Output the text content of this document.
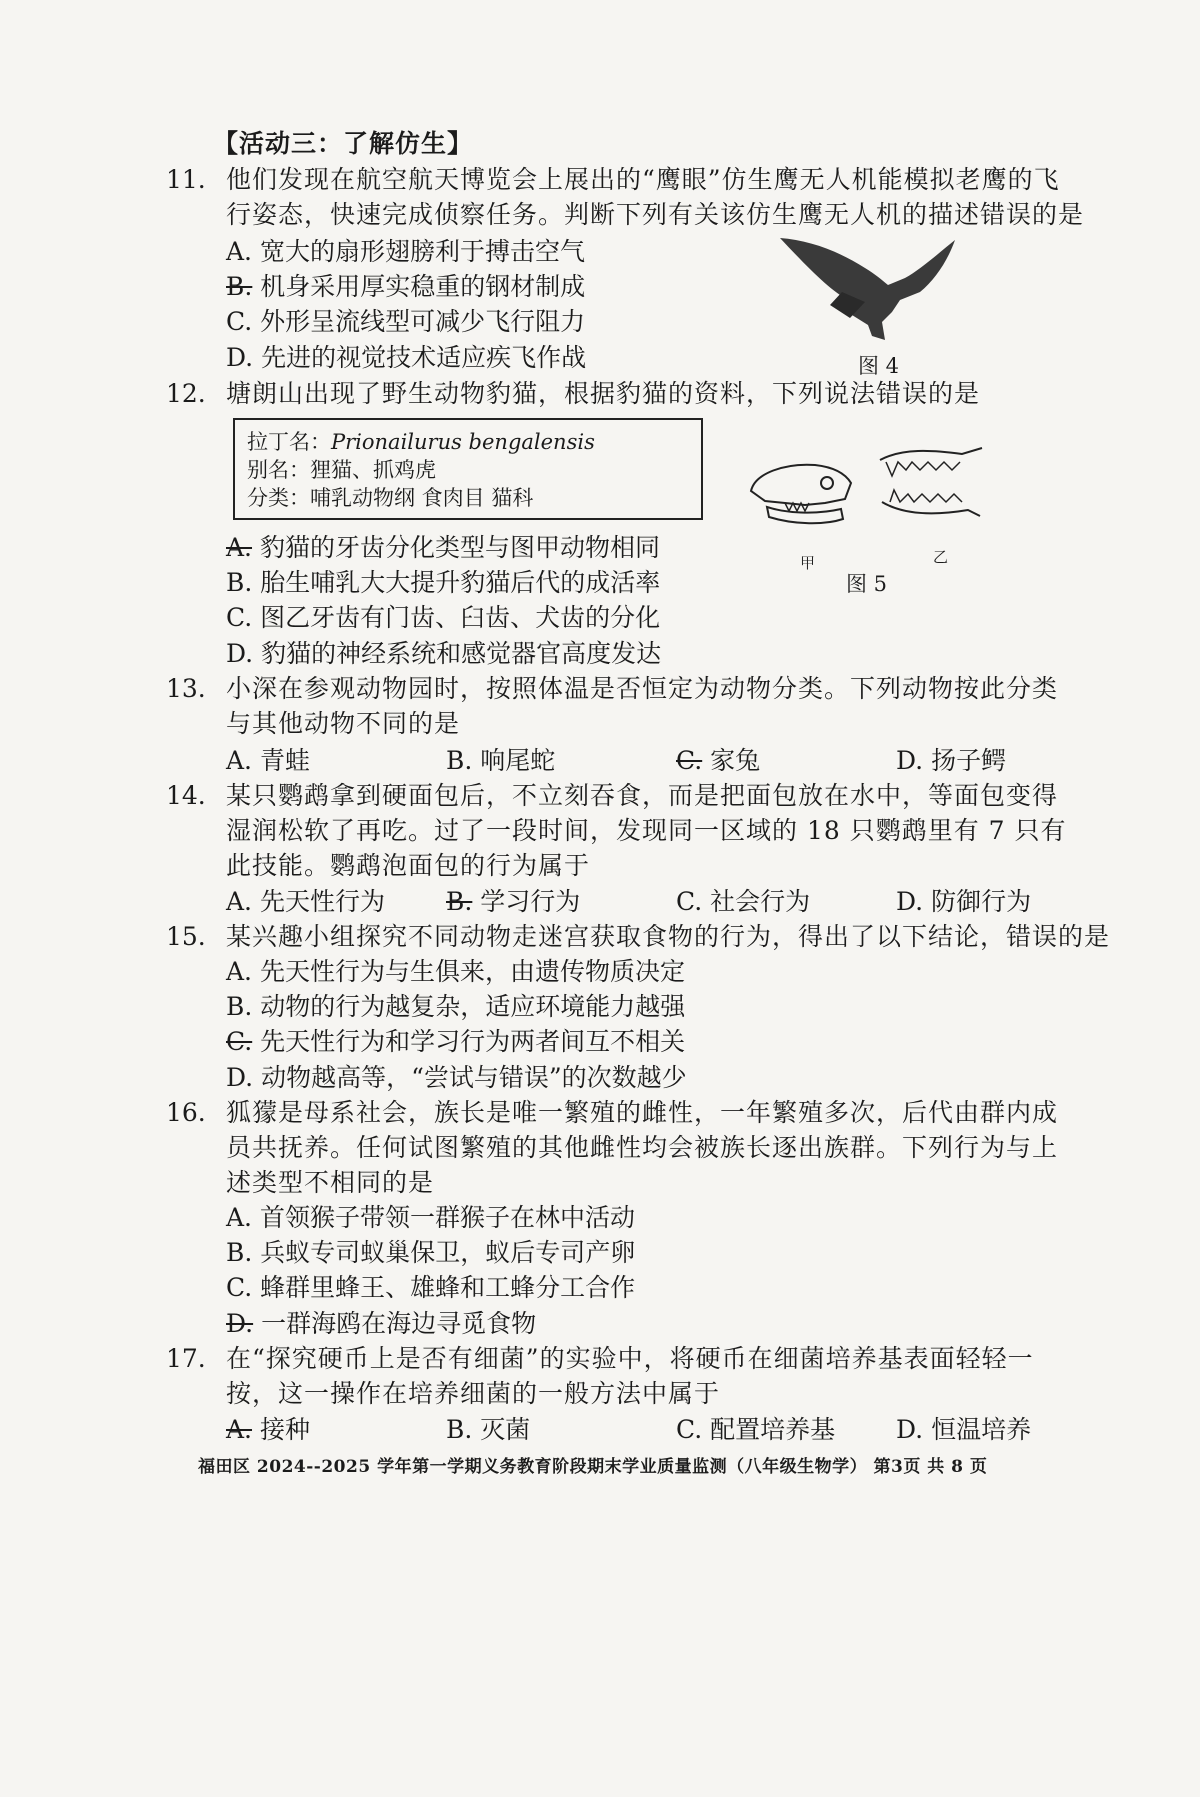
【活动三：了解仿生】
11. 他们发现在航空航天博览会上展出的“鹰眼”仿生鹰无人机能模拟老鹰的飞
行姿态，快速完成侦察任务。判断下列有关该仿生鹰无人机的描述错误的是
A. 宽大的扇形翅膀利于搏击空气
B. 机身采用厚实稳重的钢材制成
C. 外形呈流线型可减少飞行阻力
D. 先进的视觉技术适应疾飞作战	图 4
12. 塘朗山出现了野生动物豹猫，根据豹猫的资料，下列说法错误的是
拉丁名：Prionailurus bengalensis
别名：狸猫、抓鸡虎
分类：哺乳动物纲 食肉目 猫科
甲	乙
图 5
A. 豹猫的牙齿分化类型与图甲动物相同
B. 胎生哺乳大大提升豹猫后代的成活率
C. 图乙牙齿有门齿、臼齿、犬齿的分化
D. 豹猫的神经系统和感觉器官高度发达
13. 小深在参观动物园时，按照体温是否恒定为动物分类。下列动物按此分类
与其他动物不同的是
A. 青蛙	B. 响尾蛇	C. 家兔	D. 扬子鳄
14. 某只鹦鹉拿到硬面包后，不立刻吞食，而是把面包放在水中，等面包变得
湿润松软了再吃。过了一段时间，发现同一区域的 18 只鹦鹉里有 7 只有
此技能。鹦鹉泡面包的行为属于
A. 先天性行为 B. 学习行为	C. 社会行为	D. 防御行为
15. 某兴趣小组探究不同动物走迷宫获取食物的行为，得出了以下结论，错误的是
A. 先天性行为与生俱来，由遗传物质决定
B. 动物的行为越复杂，适应环境能力越强
C. 先天性行为和学习行为两者间互不相关
D. 动物越高等，“尝试与错误”的次数越少
16. 狐獴是母系社会，族长是唯一繁殖的雌性，一年繁殖多次，后代由群内成
员共抚养。任何试图繁殖的其他雌性均会被族长逐出族群。下列行为与上
述类型不相同的是
A. 首领猴子带领一群猴子在林中活动
B. 兵蚁专司蚁巢保卫，蚁后专司产卵
C. 蜂群里蜂王、雄蜂和工蜂分工合作
D. 一群海鸥在海边寻觅食物
17. 在“探究硬币上是否有细菌”的实验中，将硬币在细菌培养基表面轻轻一
按，这一操作在培养细菌的一般方法中属于
A. 接种	B. 灭菌	C. 配置培养基 D. 恒温培养
福田区 2024--2025 学年第一学期义务教育阶段期末学业质量监测（八年级生物学） 第3页 共 8 页
